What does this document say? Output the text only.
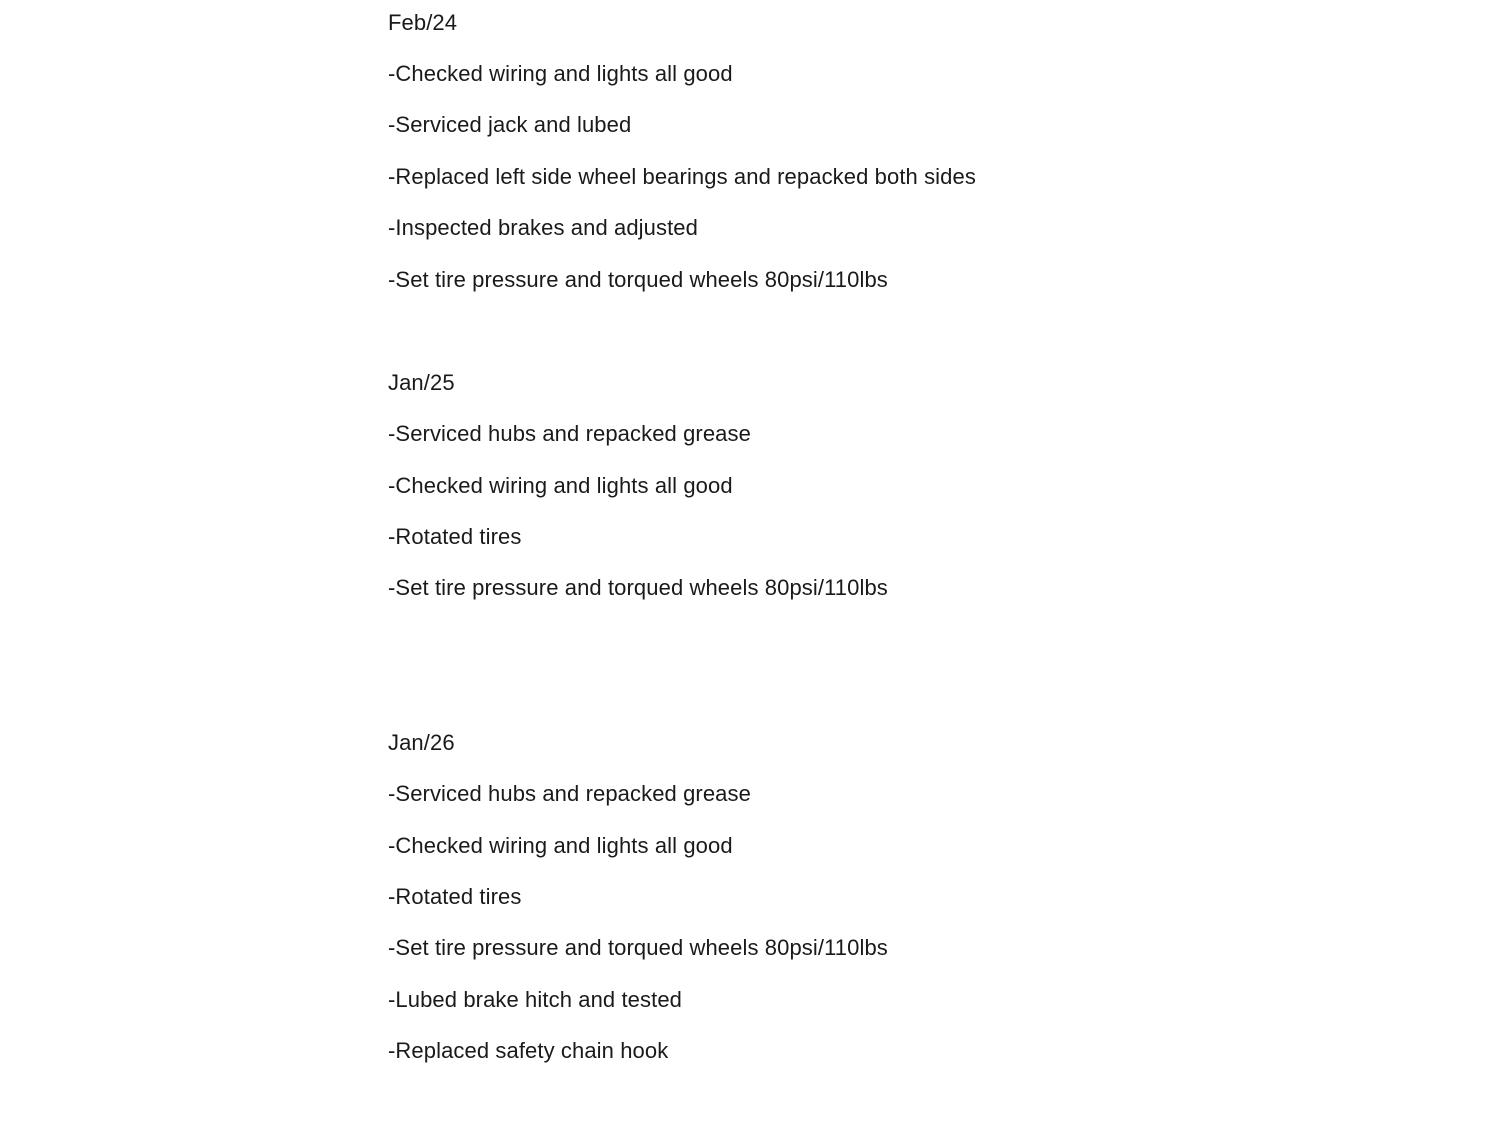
Feb/24
-Checked wiring and lights all good
-Serviced jack and lubed
-Replaced left side wheel bearings and repacked both sides
-Inspected brakes and adjusted
-Set tire pressure and torqued wheels 80psi/110lbs
Jan/25
-Serviced hubs and repacked grease
-Checked wiring and lights all good
-Rotated tires
-Set tire pressure and torqued wheels 80psi/110lbs
Jan/26
-Serviced hubs and repacked grease
-Checked wiring and lights all good
-Rotated tires
-Set tire pressure and torqued wheels 80psi/110lbs
-Lubed brake hitch and tested
-Replaced safety chain hook
